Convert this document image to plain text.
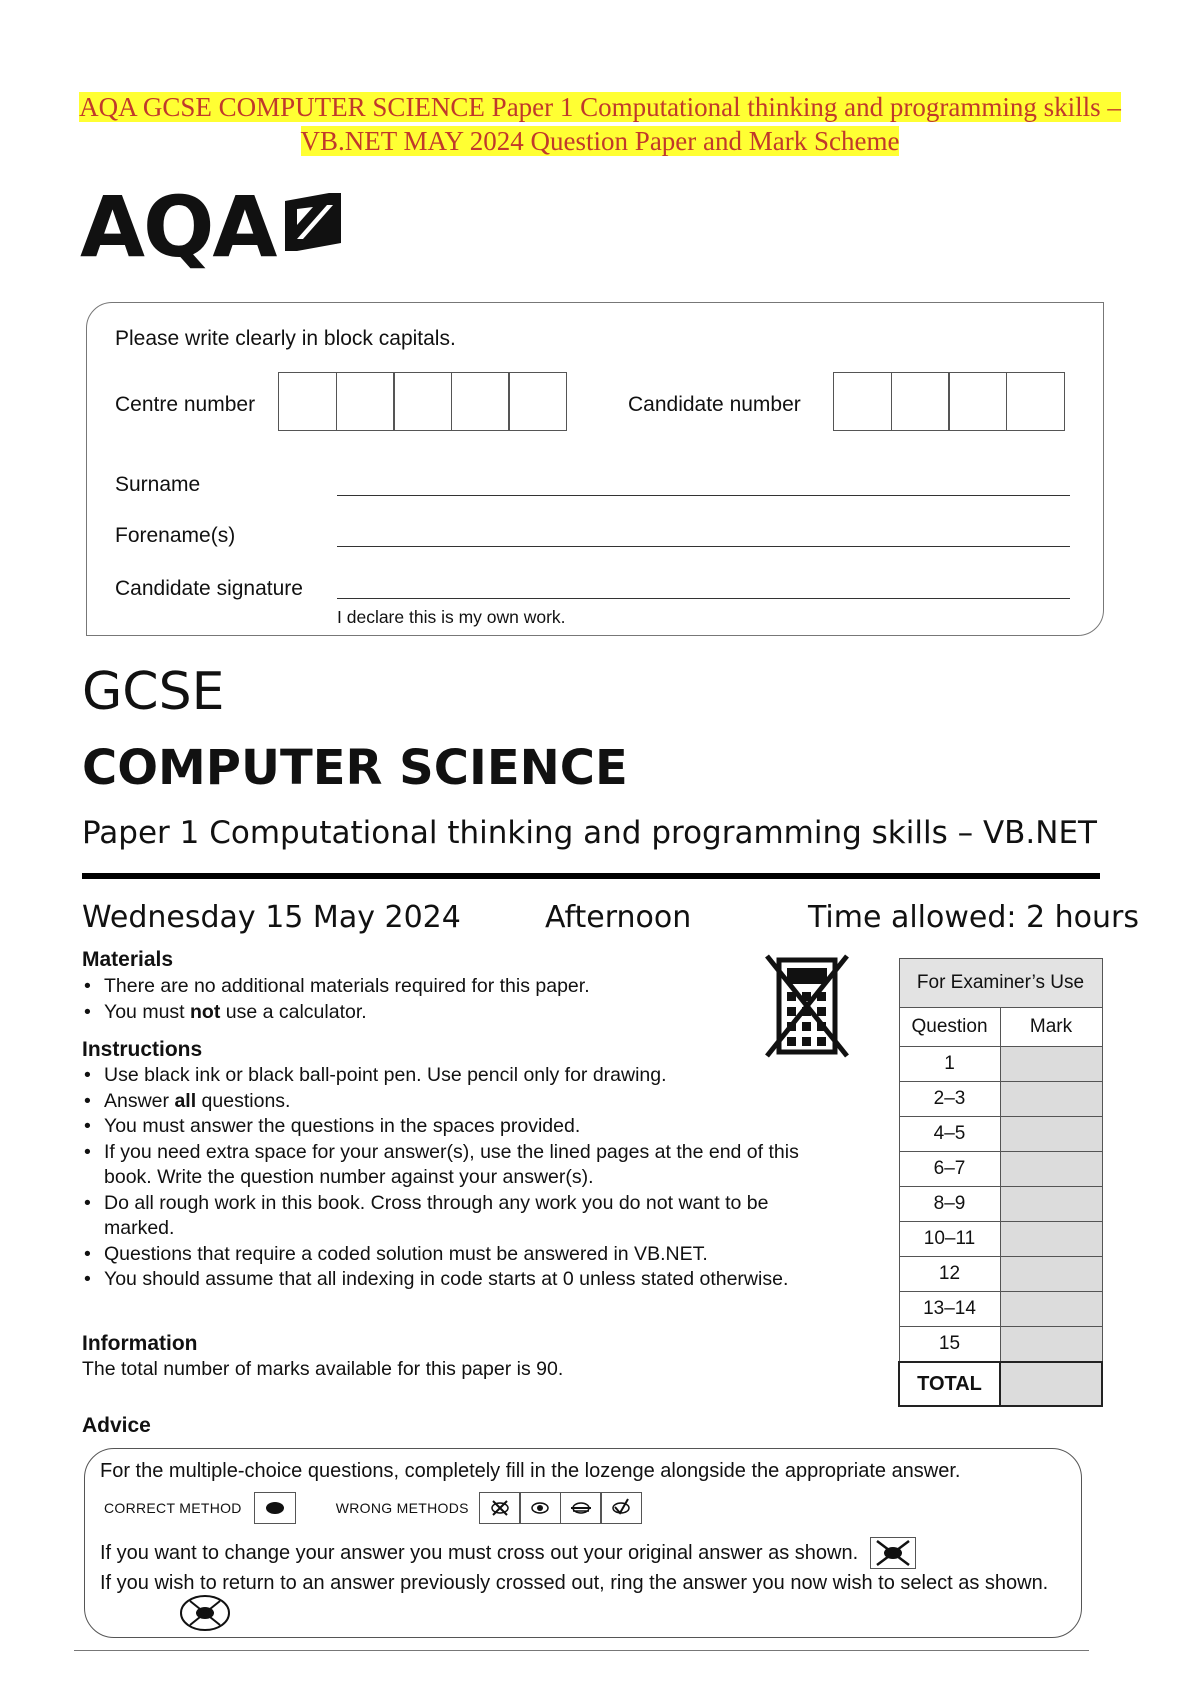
AQA GCSE COMPUTER SCIENCE Paper 1 Computational thinking and programming skills –
VB.NET MAY 2024 Question Paper and Mark Scheme
AQA
Please write clearly in block capitals.
Centre number	Candidate number
Surname
Forename(s)
Candidate signature
I declare this is my own work.
GCSE
COMPUTER SCIENCE
Paper 1 Computational thinking and programming skills – VB.NET
Wednesday 15 May 2024	Afternoon	Time allowed: 2 hours
Materials
• There are no additional materials required for this paper.
• You must not use a calculator.
Instructions
• Use black ink or black ball-point pen. Use pencil only for drawing.
• Answer all questions.
• You must answer the questions in the spaces provided.
• If you need extra space for your answer(s), use the lined pages at the end of this book. Write the question number against your answer(s).
• Do all rough work in this book. Cross through any work you do not want to be marked.
• Questions that require a coded solution must be answered in VB.NET.
• You should assume that all indexing in code starts at 0 unless stated otherwise.
Information
The total number of marks available for this paper is 90.
For Examiner’s Use	
Question	Mark
1	
2–3	
4–5	
6–7	
8–9	
10–11	
12	
13–14	
15	
TOTAL	
Advice
For the multiple-choice questions, completely fill in the lozenge alongside the appropriate answer.
CORRECT METHOD	WRONG METHODS
If you want to change your answer you must cross out your original answer as shown.
If you wish to return to an answer previously crossed out, ring the answer you now wish to select as shown.
